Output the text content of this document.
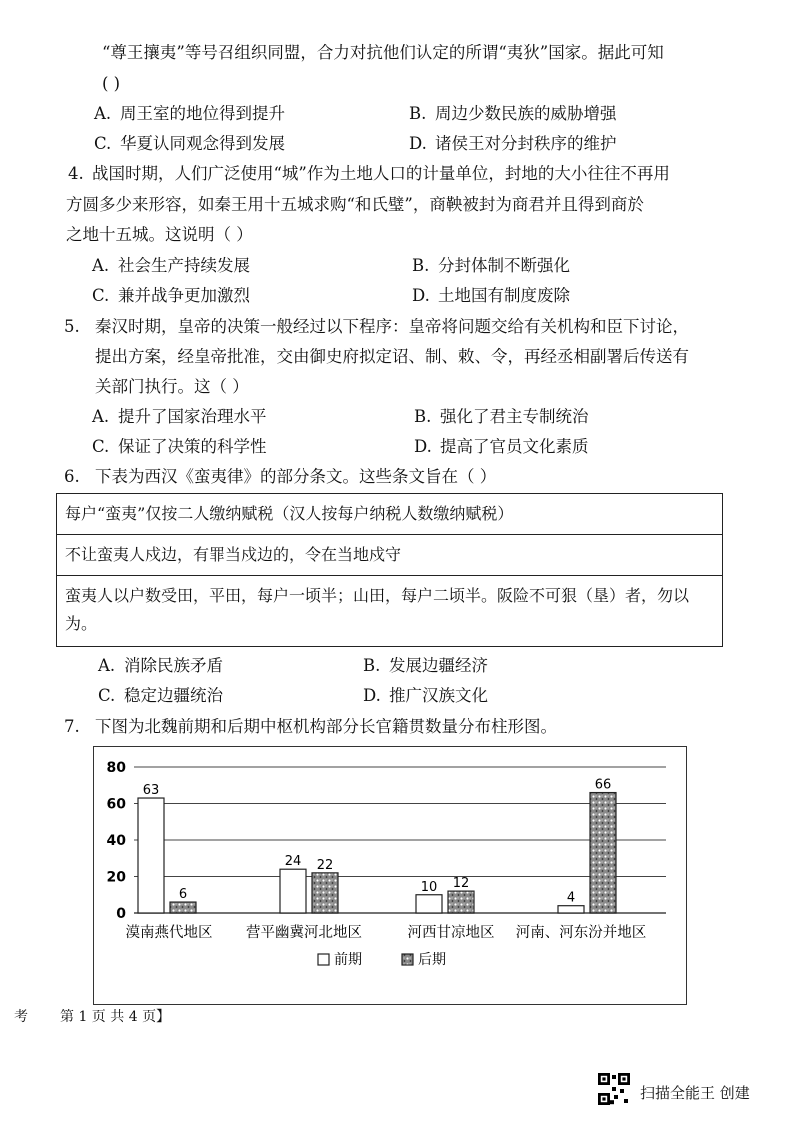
“尊王攘夷”等号召组织同盟，合力对抗他们认定的所谓“夷狄”国家。据此可知
( )
A. 周王室的地位得到提升	B. 周边少数民族的威胁增强
C. 华夏认同观念得到发展	D. 诸侯王对分封秩序的维护
4. 战国时期，人们广泛使用“城”作为土地人口的计量单位，封地的大小往往不再用
方圆多少来形容，如秦王用十五城求购“和氏璧”，商鞅被封为商君并且得到商於
之地十五城。这说明（ ）
A. 社会生产持续发展	B. 分封体制不断强化
C. 兼并战争更加激烈	D. 土地国有制度废除
5. 秦汉时期，皇帝的决策一般经过以下程序：皇帝将问题交给有关机构和臣下讨论，
提出方案，经皇帝批准，交由御史府拟定诏、制、敕、令，再经丞相副署后传送有
关部门执行。这（ ）
A. 提升了国家治理水平	B. 强化了君主专制统治
C. 保证了决策的科学性	D. 提高了官员文化素质
6. 下表为西汉《蛮夷律》的部分条文。这些条文旨在（ ）
每户“蛮夷”仅按二人缴纳赋税（汉人按每户纳税人数缴纳赋税）
不让蛮夷人戍边，有罪当戍边的，令在当地戍守
蛮夷人以户数受田，平田，每户一顷半；山田，每户二顷半。阪险不可狠（垦）者，勿以为。
A. 消除民族矛盾	B. 发展边疆经济
C. 稳定边疆统治	D. 推广汉族文化
7. 下图为北魏前期和后期中枢机构部分长官籍贯数量分布柱形图。
0
20
40
60
80
63
6
漠南燕代地区
24 22
营平幽冀河北地区
10 12
河西甘凉地区
4
66
河南、河东汾并地区
前期	后期
考 第 1 页 共 4 页】
扫描全能王 创建
